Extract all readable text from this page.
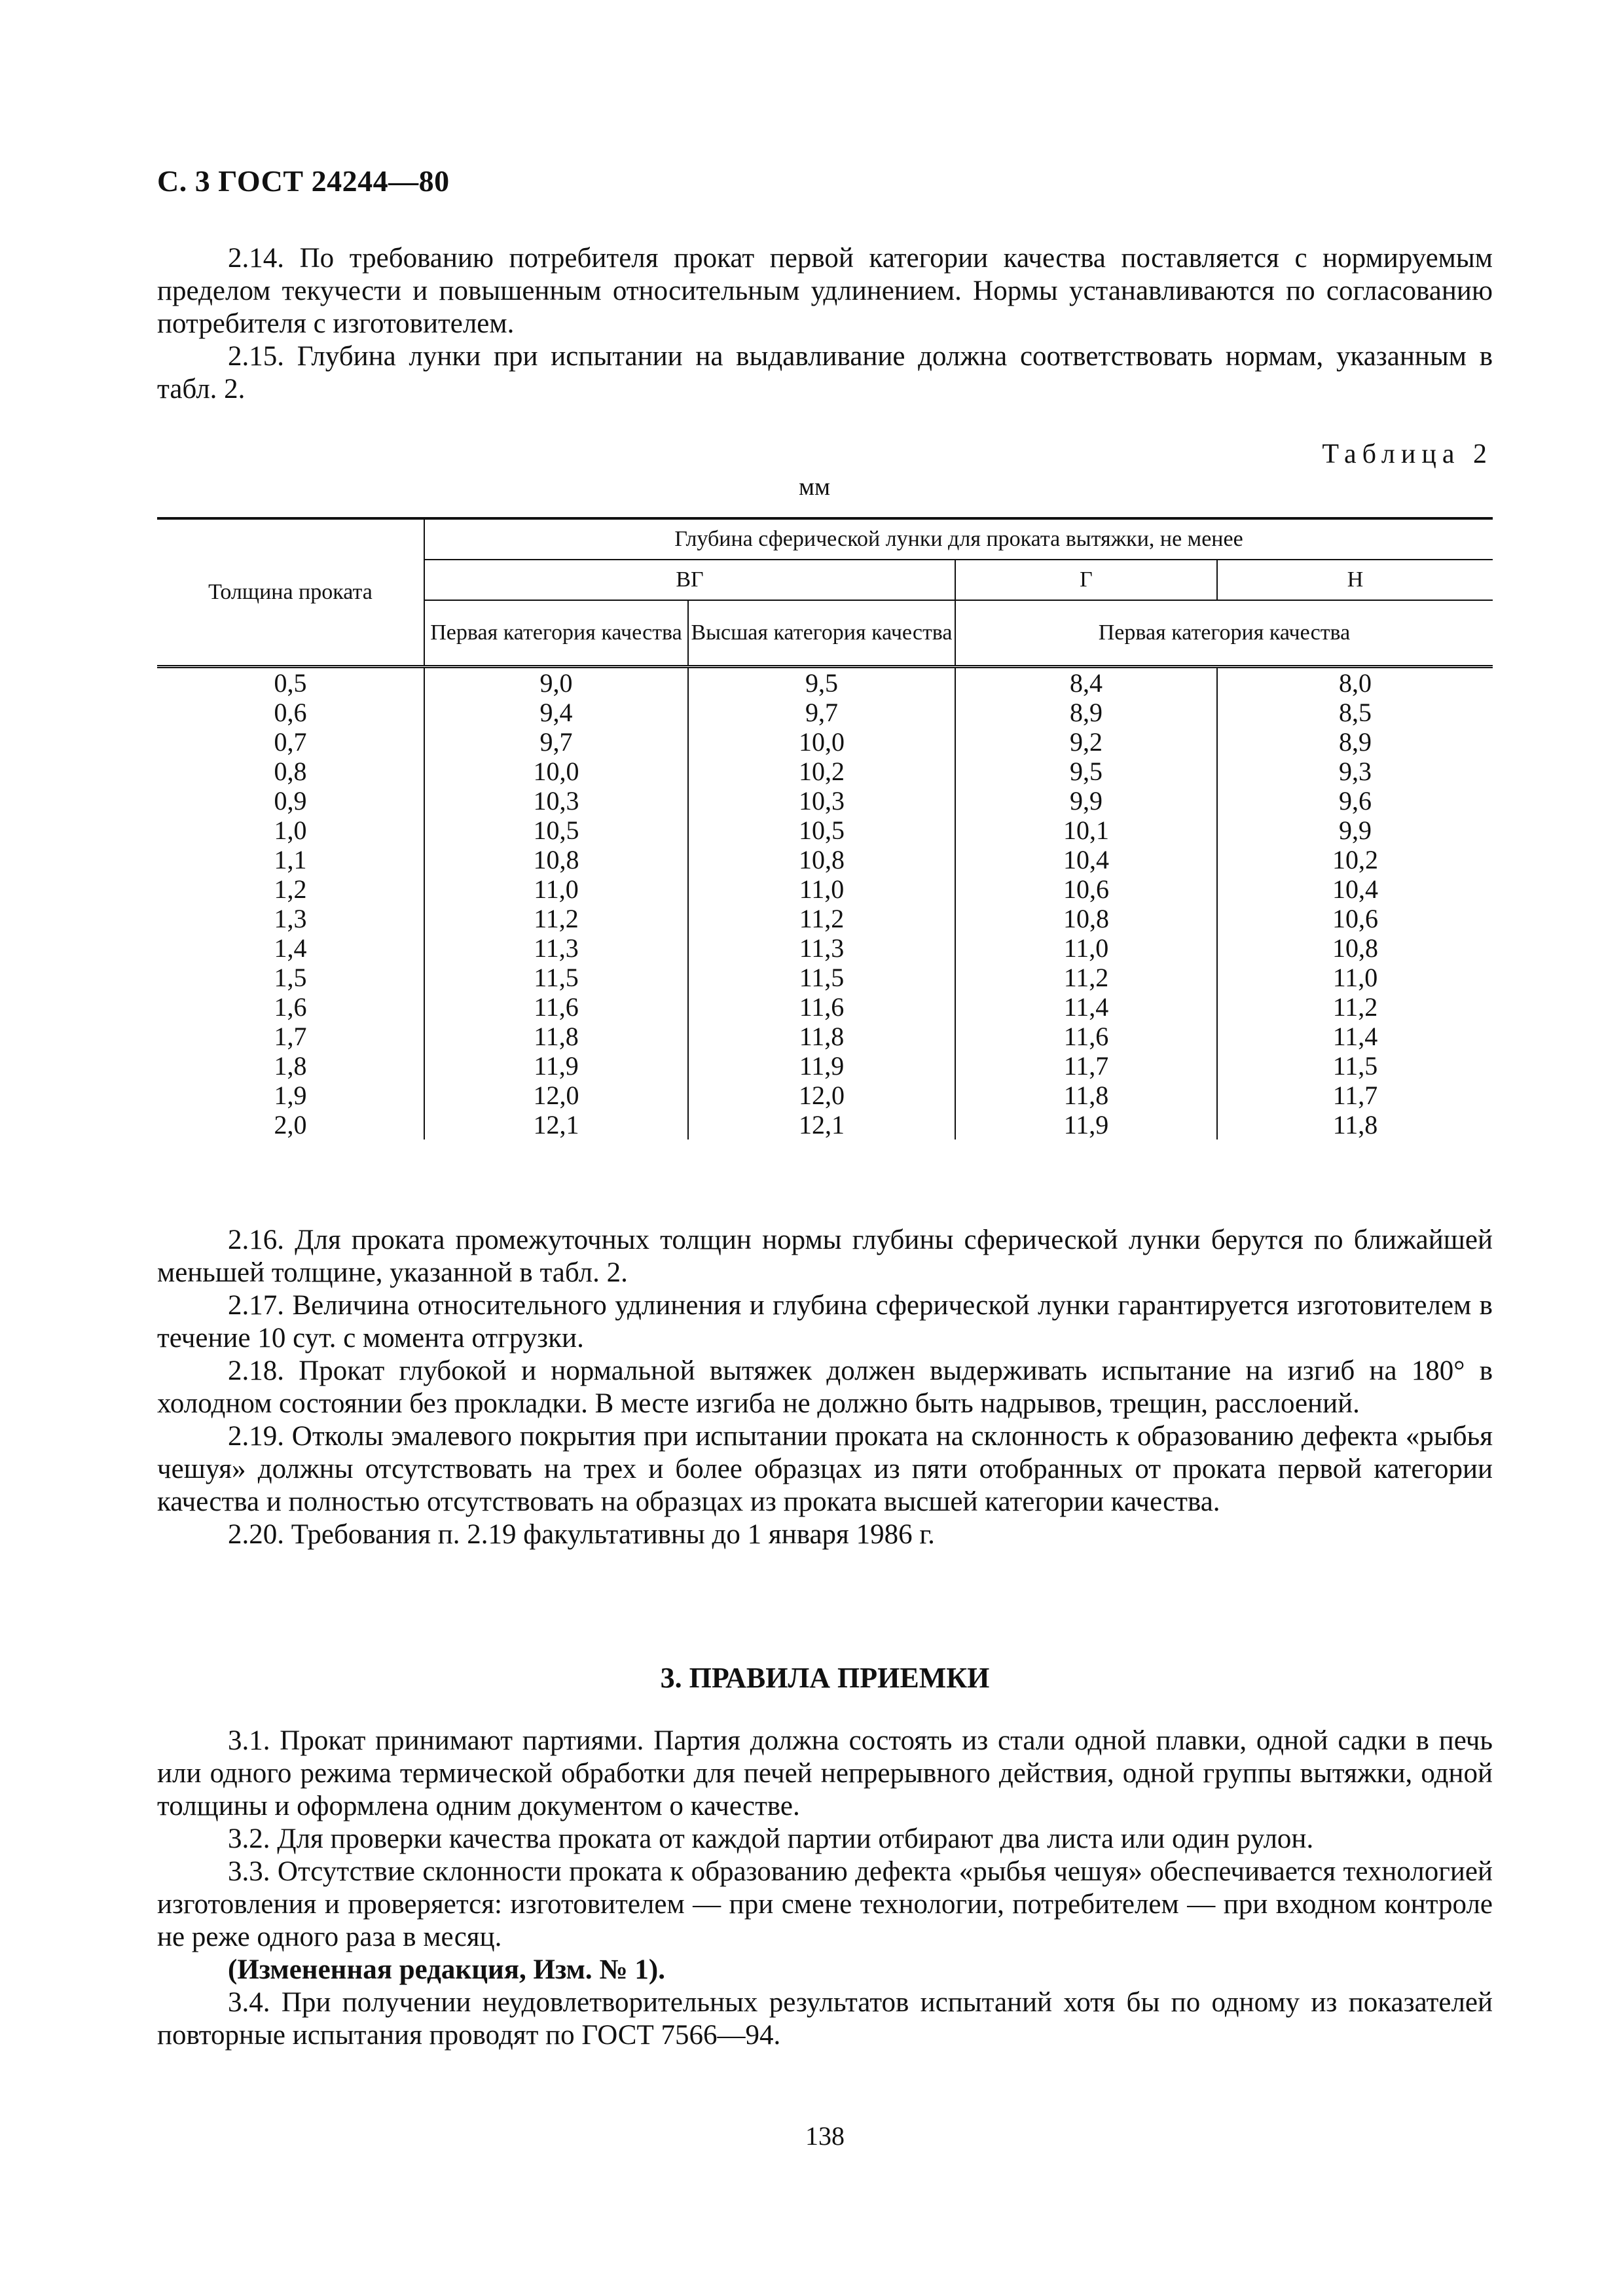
С. 3 ГОСТ 24244—80

2.14. По требованию потребителя прокат первой категории качества поставляется с нормируемым пределом текучести и повышенным относительным удлинением. Нормы устанавливаются по согласованию потребителя с изготовителем.

2.15. Глубина лунки при испытании на выдавливание должна соответствовать нормам, указанным в табл. 2.

Таблица 2
мм
Толщина проката	Глубина сферической лунки для проката вытяжки, не менее			
	ВГ		Г	Н
	Первая категория качества	Высшая категория качества	Первая категория качества	

0,5	9,0	9,5	8,4	8,0
0,6	9,4	9,7	8,9	8,5
0,7	9,7	10,0	9,2	8,9
0,8	10,0	10,2	9,5	9,3
0,9	10,3	10,3	9,9	9,6
1,0	10,5	10,5	10,1	9,9
1,1	10,8	10,8	10,4	10,2
1,2	11,0	11,0	10,6	10,4
1,3	11,2	11,2	10,8	10,6
1,4	11,3	11,3	11,0	10,8
1,5	11,5	11,5	11,2	11,0
1,6	11,6	11,6	11,4	11,2
1,7	11,8	11,8	11,6	11,4
1,8	11,9	11,9	11,7	11,5
1,9	12,0	12,0	11,8	11,7
2,0	12,1	12,1	11,9	11,8

2.16. Для проката промежуточных толщин нормы глубины сферической лунки берутся по ближайшей меньшей толщине, указанной в табл. 2.

2.17. Величина относительного удлинения и глубина сферической лунки гарантируется изготовителем в течение 10 сут. с момента отгрузки.

2.18. Прокат глубокой и нормальной вытяжек должен выдерживать испытание на изгиб на 180° в холодном состоянии без прокладки. В месте изгиба не должно быть надрывов, трещин, расслоений.

2.19. Отколы эмалевого покрытия при испытании проката на склонность к образованию дефекта «рыбья чешуя» должны отсутствовать на трех и более образцах из пяти отобранных от проката первой категории качества и полностью отсутствовать на образцах из проката высшей категории качества.

2.20. Требования п. 2.19 факультативны до 1 января 1986 г.

3. ПРАВИЛА ПРИЕМКИ

3.1. Прокат принимают партиями. Партия должна состоять из стали одной плавки, одной садки в печь или одного режима термической обработки для печей непрерывного действия, одной группы вытяжки, одной толщины и оформлена одним документом о качестве.

3.2. Для проверки качества проката от каждой партии отбирают два листа или один рулон.

3.3. Отсутствие склонности проката к образованию дефекта «рыбья чешуя» обеспечивается технологией изготовления и проверяется: изготовителем — при смене технологии, потребителем — при входном контроле не реже одного раза в месяц.

(Измененная редакция, Изм. № 1).

3.4. При получении неудовлетворительных результатов испытаний хотя бы по одному из показателей повторные испытания проводят по ГОСТ 7566—94.

138
